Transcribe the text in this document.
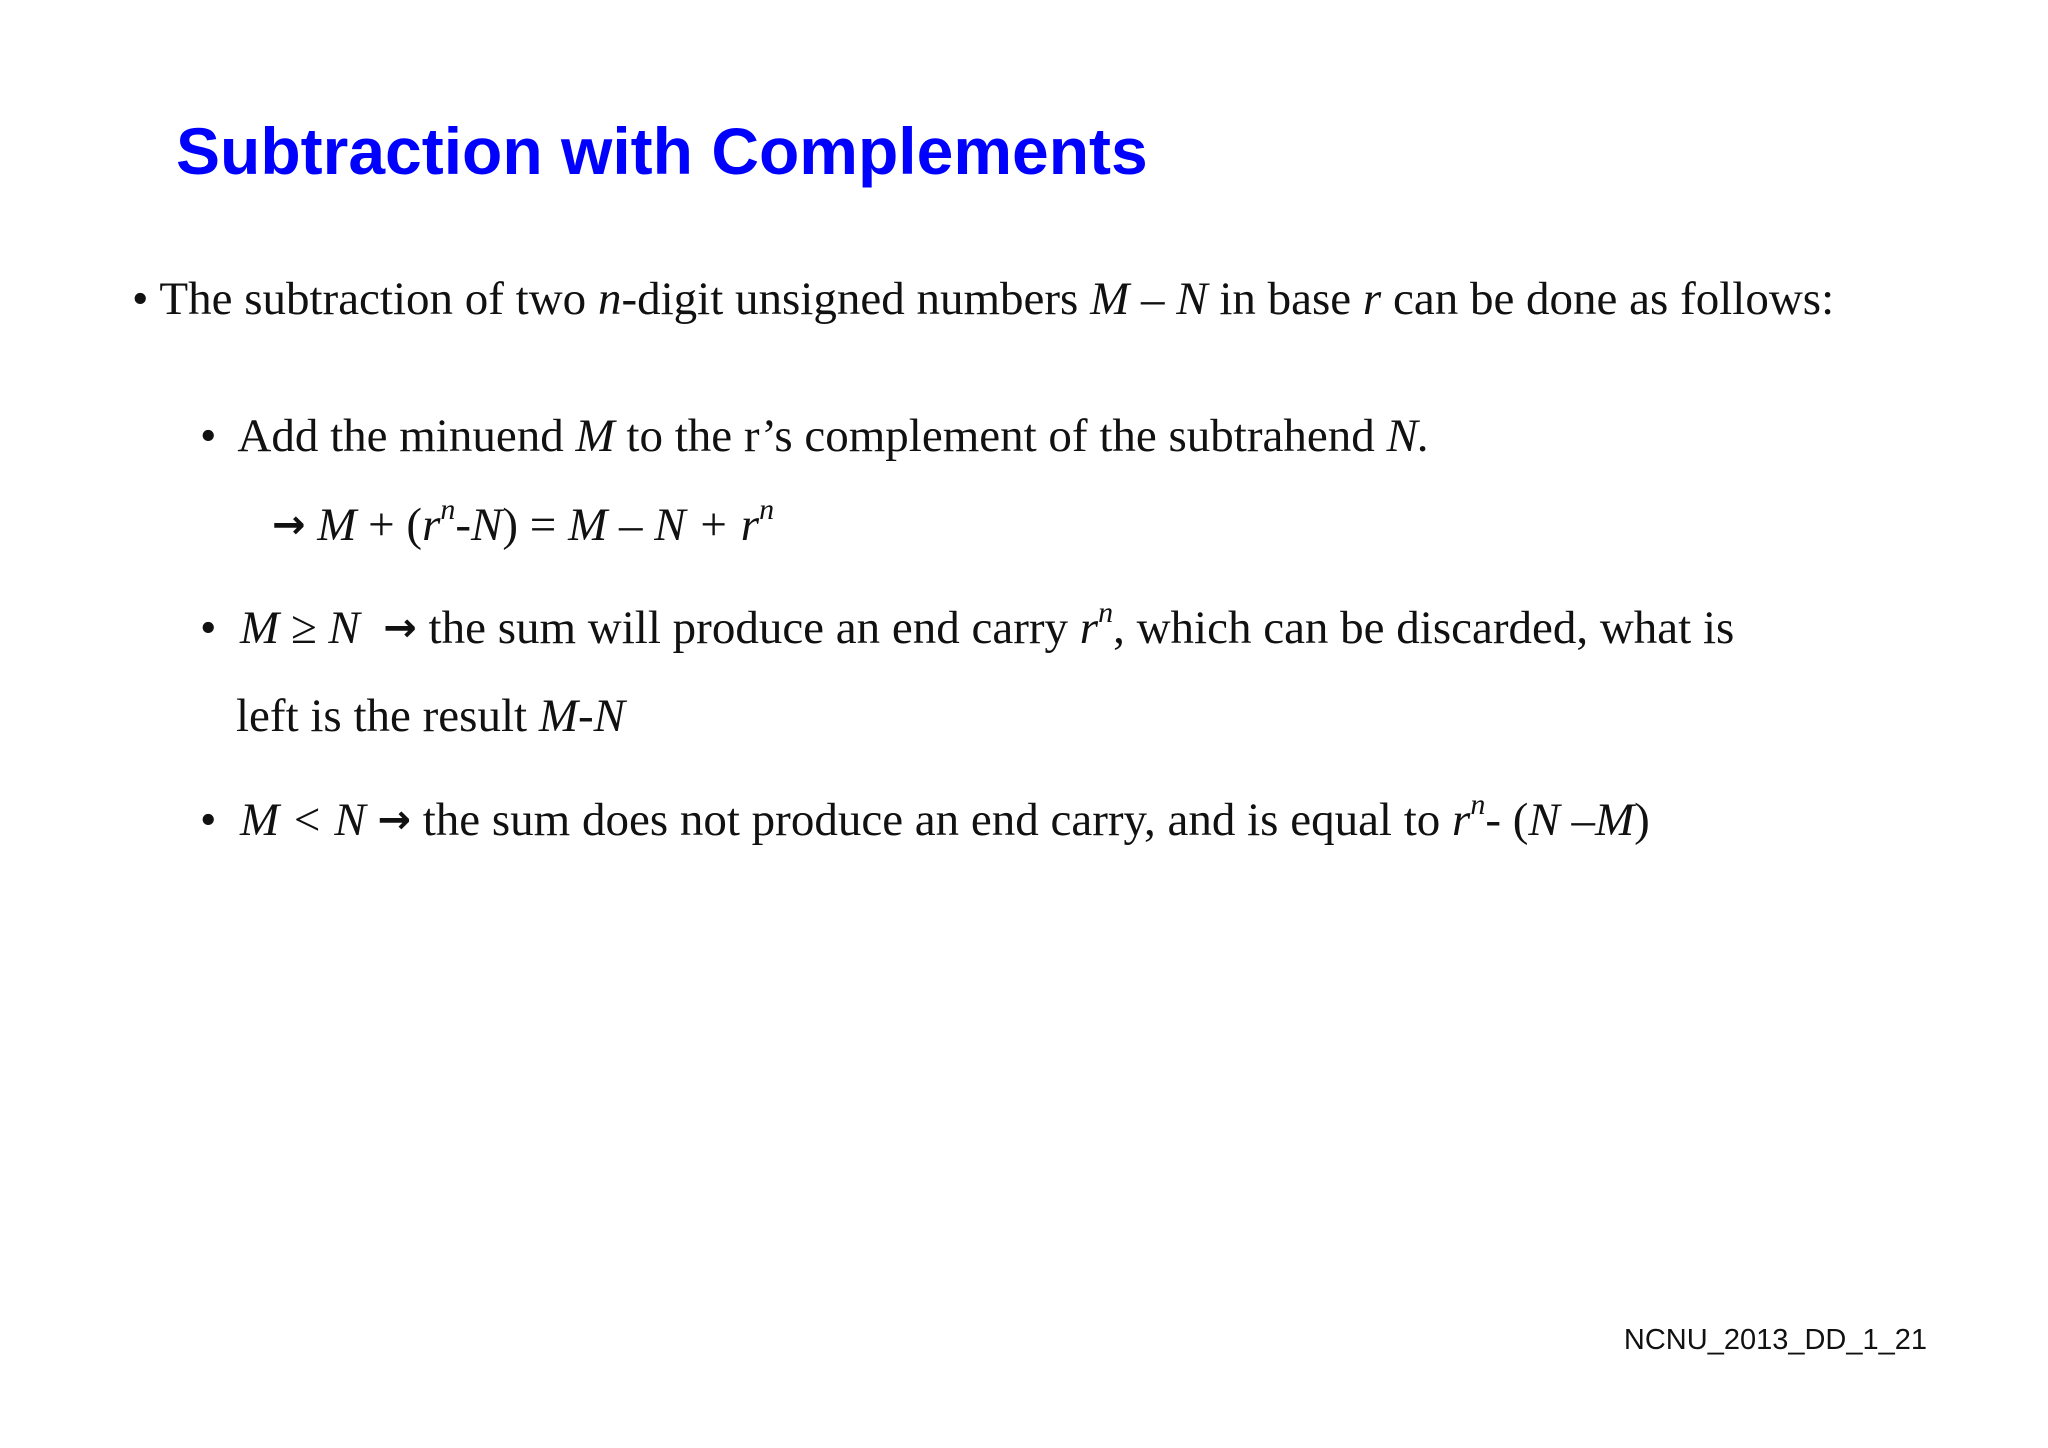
Subtraction with Complements
• The subtraction of two n-digit unsigned numbers M – N in base r can be done as follows:
• Add the minuend M to the r’s complement of the subtrahend N.
→ $M + (r^n-N) = M - N + r^n$
• M ≥ N → the sum will produce an end carry $r^n$, which can be discarded, what is
left is the result M-N
• M < N → the sum does not produce an end carry, and is equal to $r^n-$ (N –M)
NCNU_2013_DD_1_21
